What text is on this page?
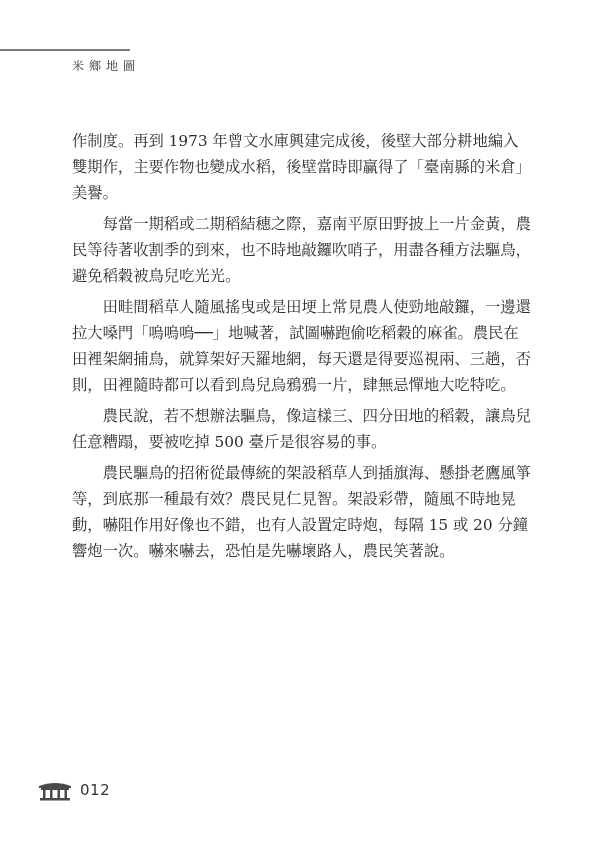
米鄉地圖

作制度。再到 1973 年曾文水庫興建完成後，後壁大部分耕地編入雙期作，主要作物也變成水稻，後壁當時即贏得了「臺南縣的米倉」美譽。

每當一期稻或二期稻結穗之際，嘉南平原田野披上一片金黃，農民等待著收割季的到來，也不時地敲鑼吹哨子，用盡各種方法驅鳥，避免稻穀被鳥兒吃光光。

田畦間稻草人隨風搖曳或是田埂上常見農人使勁地敲鑼，一邊還拉大嗓門「嗚嗚嗚──」地喊著，試圖嚇跑偷吃稻穀的麻雀。農民在田裡架網捕鳥，就算架好天羅地網，每天還是得要巡視兩、三趟，否則，田裡隨時都可以看到鳥兒烏鴉鴉一片，肆無忌憚地大吃特吃。

農民說，若不想辦法驅鳥，像這樣三、四分田地的稻穀，讓鳥兒任意糟蹋，要被吃掉 500 臺斤是很容易的事。

農民驅鳥的招術從最傳統的架設稻草人到插旗海、懸掛老鷹風箏等，到底那一種最有效？農民見仁見智。架設彩帶，隨風不時地晃動，嚇阻作用好像也不錯，也有人設置定時炮，每隔 15 或 20 分鐘響炮一次。嚇來嚇去，恐怕是先嚇壞路人，農民笑著說。

012
